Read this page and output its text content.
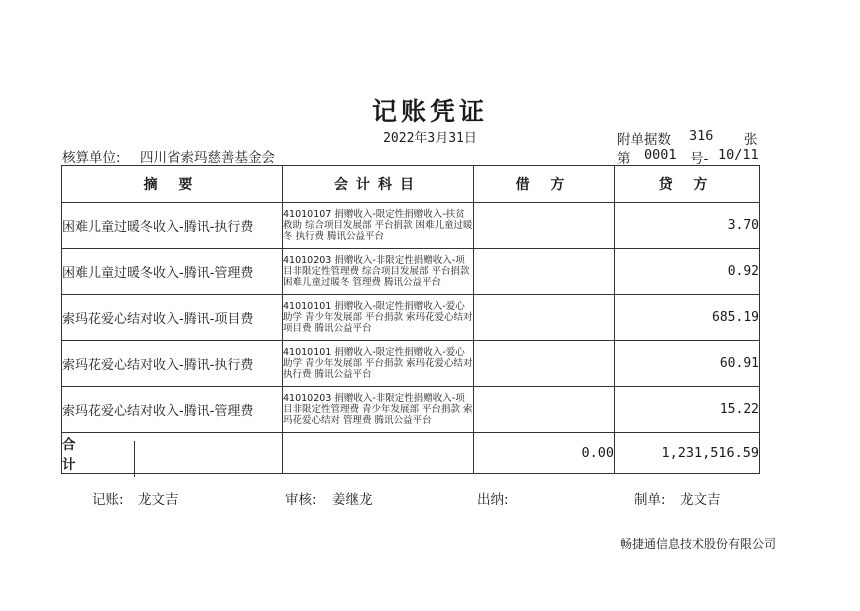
记账凭证
2022年3月31日	附单据数 316 张
核算单位: 四川省索玛慈善基金会	第 0001 号- 10/11
摘 要	会计科目	借 方	贷 方
困难儿童过暖冬收入-腾讯-执行费	41010107 捐赠收入-限定性捐赠收入-扶贫救助 综合项目发展部 平台捐款 困难儿童过暖冬 执行费 腾讯公益平台		3.70
困难儿童过暖冬收入-腾讯-管理费	41010203 捐赠收入-非限定性捐赠收入-项目非限定性管理费 综合项目发展部 平台捐款 困难儿童过暖冬 管理费 腾讯公益平台		0.92
索玛花爱心结对收入-腾讯-项目费	41010101 捐赠收入-限定性捐赠收入-爱心助学 青少年发展部 平台捐款 索玛花爱心结对 项目费 腾讯公益平台		685.19
索玛花爱心结对收入-腾讯-执行费	41010101 捐赠收入-限定性捐赠收入-爱心助学 青少年发展部 平台捐款 索玛花爱心结对 执行费 腾讯公益平台		60.91
索玛花爱心结对收入-腾讯-管理费	41010203 捐赠收入-非限定性捐赠收入-项目非限定性管理费 青少年发展部 平台捐款 索玛花爱心结对 管理费 腾讯公益平台		15.22
合 计		0.00	1,231,516.59
记账: 龙文吉	审核: 姜继龙	出纳:	制单: 龙文吉
畅捷通信息技术股份有限公司
